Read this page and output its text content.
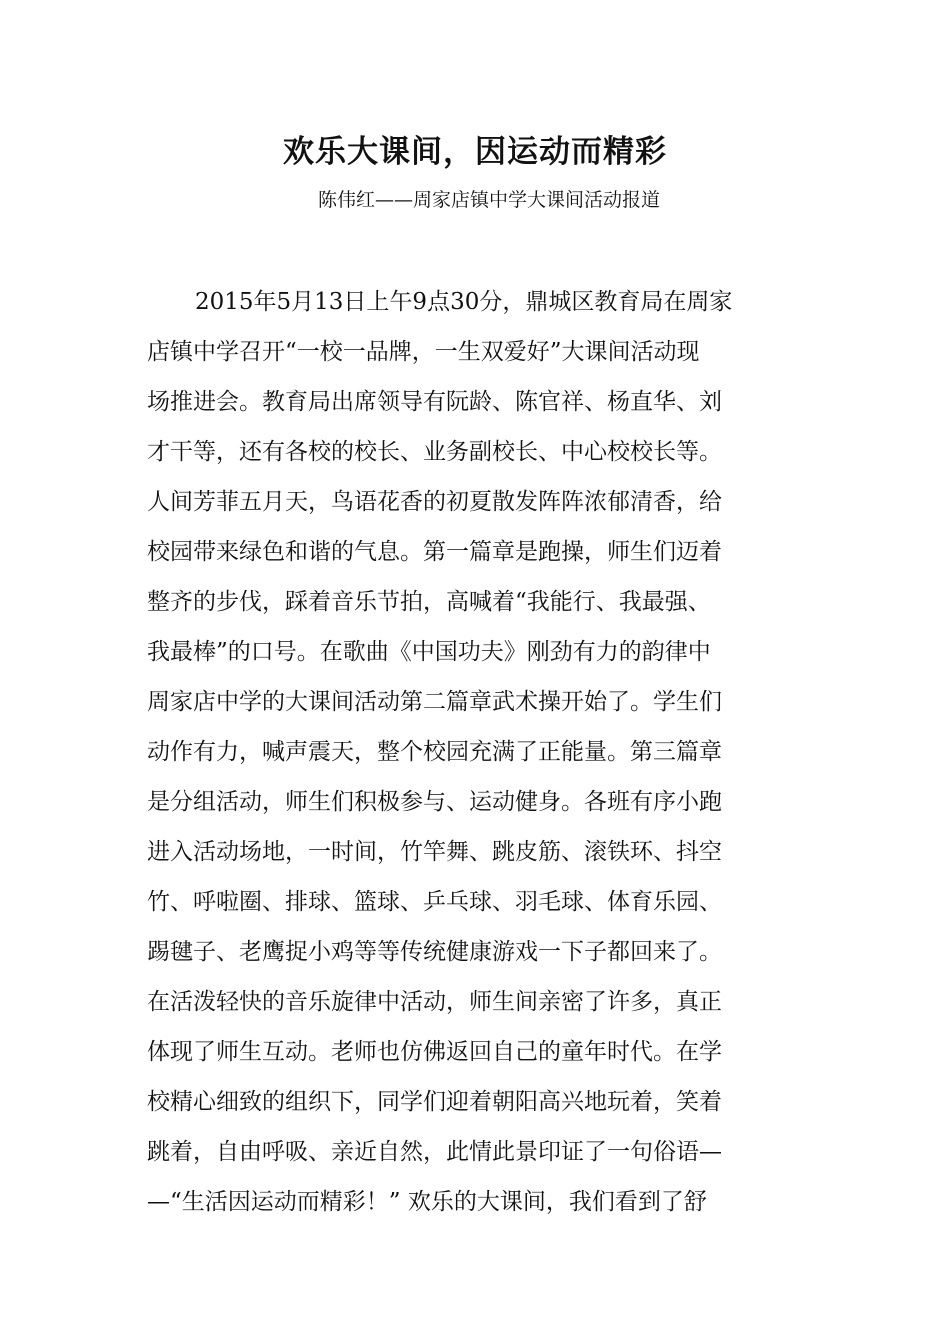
欢乐大课间，因运动而精彩
陈伟红——周家店镇中学大课间活动报道
2015年5月13日上午9点30分，鼎城区教育局在周家
店镇中学召开“一校一品牌，一生双爱好”大课间活动现
场推进会。教育局出席领导有阮龄、陈官祥、杨直华、刘
才干等，还有各校的校长、业务副校长、中心校校长等。
人间芳菲五月天，鸟语花香的初夏散发阵阵浓郁清香，给
校园带来绿色和谐的气息。第一篇章是跑操，师生们迈着
整齐的步伐，踩着音乐节拍，高喊着“我能行、我最强、
我最棒”的口号。在歌曲《中国功夫》刚劲有力的韵律中
周家店中学的大课间活动第二篇章武术操开始了。学生们
动作有力，喊声震天，整个校园充满了正能量。第三篇章
是分组活动，师生们积极参与、运动健身。各班有序小跑
进入活动场地，一时间，竹竿舞、跳皮筋、滚铁环、抖空
竹、呼啦圈、排球、篮球、乒乓球、羽毛球、体育乐园、
踢毽子、老鹰捉小鸡等等传统健康游戏一下子都回来了。
在活泼轻快的音乐旋律中活动，师生间亲密了许多，真正
体现了师生互动。老师也仿佛返回自己的童年时代。在学
校精心细致的组织下，同学们迎着朝阳高兴地玩着，笑着
跳着，自由呼吸、亲近自然，此情此景印证了一句俗语—
—“生活因运动而精彩！” 欢乐的大课间，我们看到了舒
